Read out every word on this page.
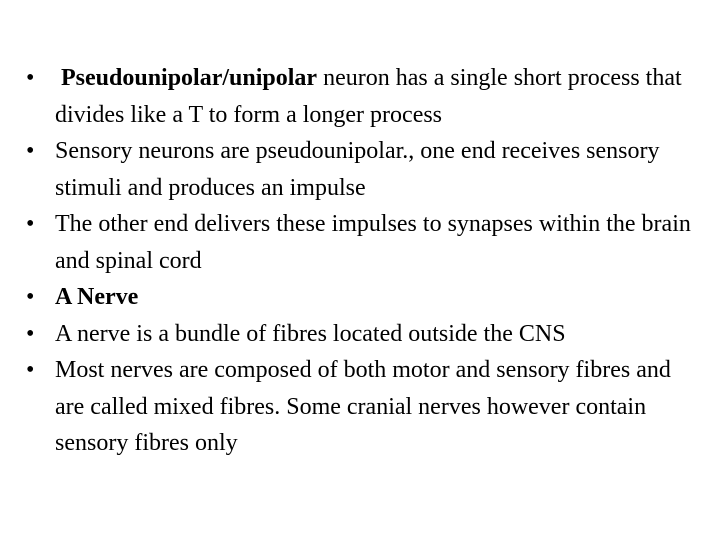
• Pseudounipolar/unipolar neuron has a single short process that divides like a T to form a longer process
• Sensory neurons are pseudounipolar., one end receives sensory stimuli and produces an impulse
• The other end delivers these impulses to synapses within the brain and spinal cord
• A Nerve
• A nerve is a bundle of fibres located outside the CNS
• Most nerves are composed of both motor and sensory fibres and are called mixed fibres. Some cranial nerves however contain sensory fibres only
